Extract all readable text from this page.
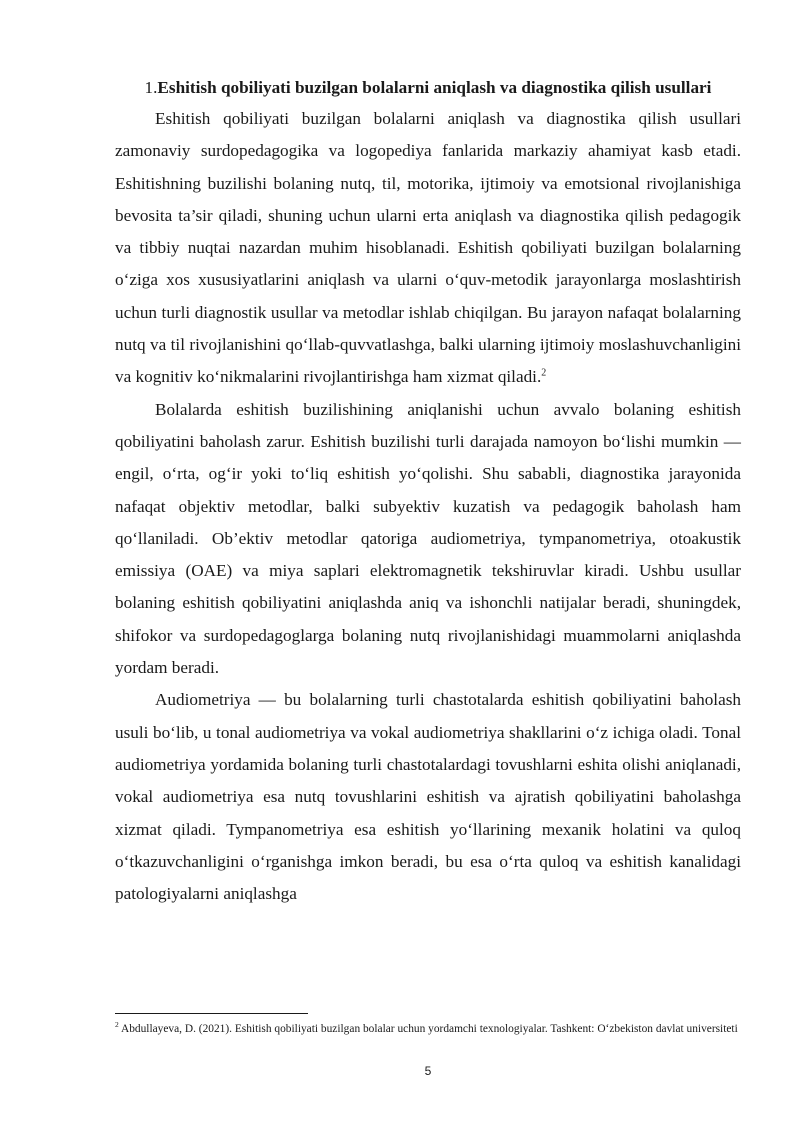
1.Eshitish qobiliyati buzilgan bolalarni aniqlash va diagnostika qilish usullari

Eshitish qobiliyati buzilgan bolalarni aniqlash va diagnostika qilish usullari zamonaviy surdopedagogika va logopediya fanlarida markaziy ahamiyat kasb etadi. Eshitishning buzilishi bolaning nutq, til, motorika, ijtimoiy va emotsional rivojlanishiga bevosita ta’sir qiladi, shuning uchun ularni erta aniqlash va diagnostika qilish pedagogik va tibbiy nuqtai nazardan muhim hisoblanadi. Eshitish qobiliyati buzilgan bolalarning o‘ziga xos xususiyatlarini aniqlash va ularni o‘quv-metodik jarayonlarga moslashtirish uchun turli diagnostik usullar va metodlar ishlab chiqilgan. Bu jarayon nafaqat bolalarning nutq va til rivojlanishini qo‘llab-quvvatlashga, balki ularning ijtimoiy moslashuvchanligini va kognitiv ko‘nikmalarini rivojlantirishga ham xizmat qiladi.$^2$

Bolalarda eshitish buzilishining aniqlanishi uchun avvalo bolaning eshitish qobiliyatini baholash zarur. Eshitish buzilishi turli darajada namoyon bo‘lishi mumkin — engil, o‘rta, og‘ir yoki to‘liq eshitish yo‘qolishi. Shu sababli, diagnostika jarayonida nafaqat objektiv metodlar, balki subyektiv kuzatish va pedagogik baholash ham qo‘llaniladi. Ob’ektiv metodlar qatoriga audiometriya, tympanometriya, otoakustik emissiya (OAE) va miya saplari elektromagnetik tekshiruvlar kiradi. Ushbu usullar bolaning eshitish qobiliyatini aniqlashda aniq va ishonchli natijalar beradi, shuningdek, shifokor va surdopedagoglarga bolaning nutq rivojlanishidagi muammolarni aniqlashda yordam beradi.

Audiometriya — bu bolalarning turli chastotalarda eshitish qobiliyatini baholash usuli bo‘lib, u tonal audiometriya va vokal audiometriya shakllarini o‘z ichiga oladi. Tonal audiometriya yordamida bolaning turli chastotalardagi tovushlarni eshita olishi aniqlanadi, vokal audiometriya esa nutq tovushlarini eshitish va ajratish qobiliyatini baholashga xizmat qiladi. Tympanometriya esa eshitish yo‘llarining mexanik holatini va quloq o‘tkazuvchanligini o‘rganishga imkon beradi, bu esa o‘rta quloq va eshitish kanalidagi patologiyalarni aniqlashga

$^2$ Abdullayeva, D. (2021). Eshitish qobiliyati buzilgan bolalar uchun yordamchi texnologiyalar. Tashkent: O‘zbekiston davlat universiteti

5
